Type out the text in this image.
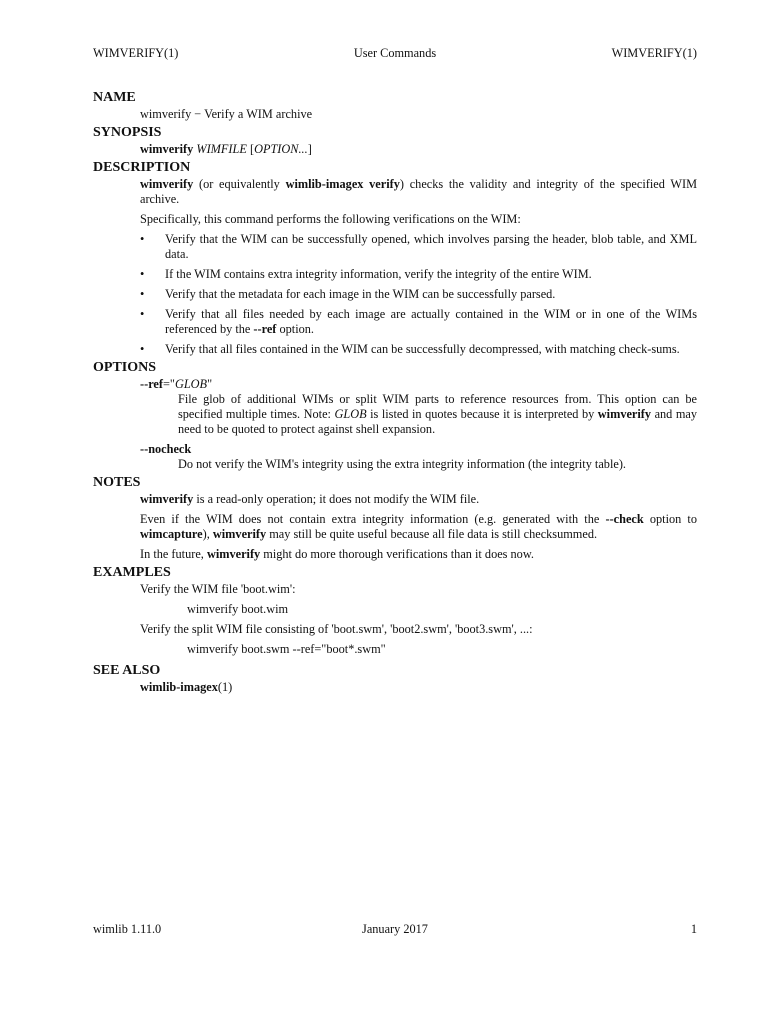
WIMVERIFY(1)	User Commands	WIMVERIFY(1)
NAME

wimverify − Verify a WIM archive

SYNOPSIS

wimverify WIMFILE [OPTION...]

DESCRIPTION

wimverify (or equivalently wimlib-imagex verify) checks the validity and integrity of the specified WIM archive.

Specifically, this command performs the following verifications on the WIM:

• Verify that the WIM can be successfully opened, which involves parsing the header, blob table, and XML data.
• If the WIM contains extra integrity information, verify the integrity of the entire WIM.
• Verify that the metadata for each image in the WIM can be successfully parsed.
• Verify that all files needed by each image are actually contained in the WIM or in one of the WIMs referenced by the --ref option.
• Verify that all files contained in the WIM can be successfully decompressed, with matching check-sums.
OPTIONS
--ref="GLOB"
File glob of additional WIMs or split WIM parts to reference resources from. This option can be specified multiple times. Note: GLOB is listed in quotes because it is interpreted by wimverify and may need to be quoted to protect against shell expansion.
--nocheck
Do not verify the WIM's integrity using the extra integrity information (the integrity table).
NOTES

wimverify is a read-only operation; it does not modify the WIM file.

Even if the WIM does not contain extra integrity information (e.g. generated with the --check option to wimcapture), wimverify may still be quite useful because all file data is still checksummed.

In the future, wimverify might do more thorough verifications than it does now.

EXAMPLES

Verify the WIM file 'boot.wim':

wimverify boot.wim

Verify the split WIM file consisting of 'boot.swm', 'boot2.swm', 'boot3.swm', ...:

wimverify boot.swm --ref="boot*.swm"
SEE ALSO

wimlib-imagex(1)

wimlib 1.11.0	January 2017	1
